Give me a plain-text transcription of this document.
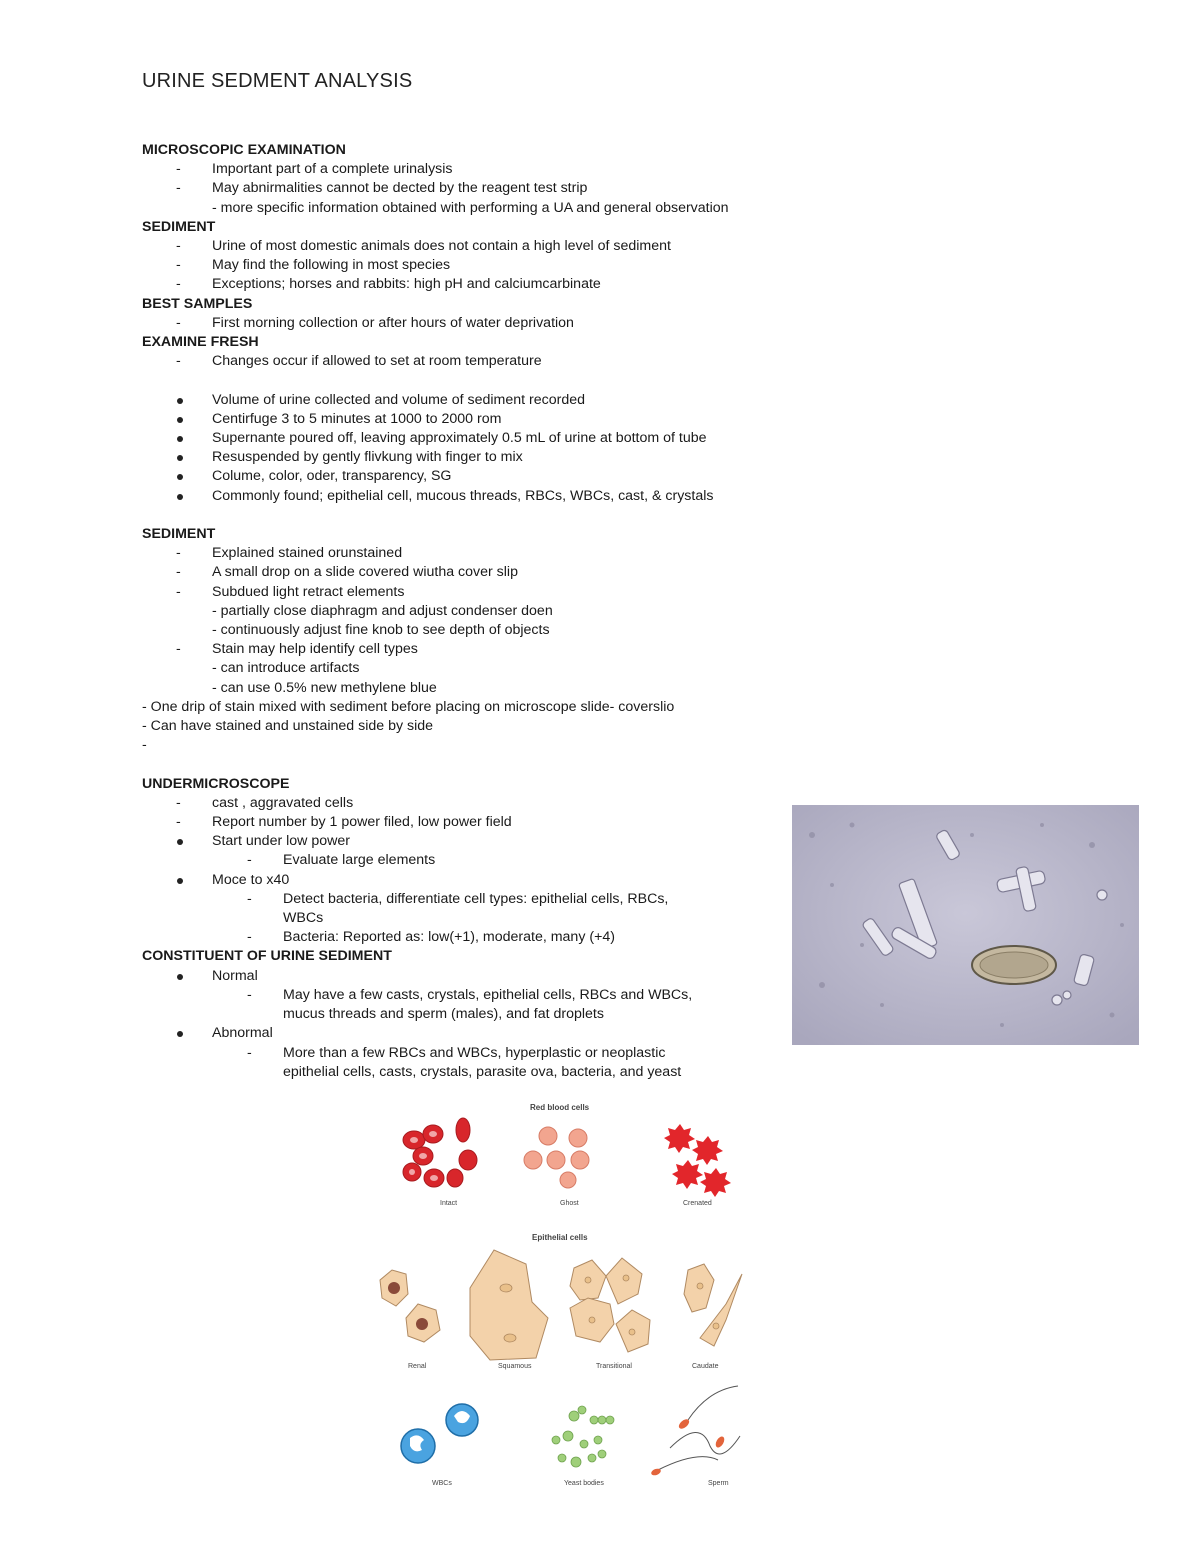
URINE SEDMENT ANALYSIS
MICROSCOPIC EXAMINATION
- Important part of a complete urinalysis
- May abnirmalities cannot be dected by the reagent test strip
- more specific information obtained with performing a UA and general observation
SEDIMENT
- Urine of most domestic animals does not contain a high level of sediment
- May find the following in most species
- Exceptions; horses and rabbits: high pH and calciumcarbinate
BEST SAMPLES
- First morning collection or after hours of water deprivation
EXAMINE FRESH
- Changes occur if allowed to set at room temperature
Volume of urine collected and volume of sediment recorded
Centirfuge 3 to 5 minutes at 1000 to 2000 rom
Supernante poured off, leaving approximately 0.5 mL of urine at bottom of tube
Resuspended by gently flivkung with finger to mix
Colume, color, oder, transparency, SG
Commonly found; epithelial cell, mucous threads, RBCs, WBCs, cast, & crystals
SEDIMENT
- Explained stained orunstained
- A small drop on a slide covered wiutha cover slip
- Subdued light retract elements
- partially close diaphragm and adjust condenser doen
- continuously adjust fine knob to see depth of objects
- Stain may help identify cell types
- can introduce artifacts
- can use 0.5% new methylene blue
- One drip of stain mixed with sediment before placing on microscope slide- coverslio
- Can have stained and unstained side by side
-
UNDERMICROSCOPE
- cast , aggravated cells
- Report number by 1 power filed, low power field
Start under low power
- Evaluate large elements
Moce to x40
- Detect bacteria, differentiate cell types: epithelial cells, RBCs,
WBCs
- Bacteria: Reported as: low(+1), moderate, many (+4)
CONSTITUENT OF URINE SEDIMENT
Normal
- May have a few casts, crystals, epithelial cells, RBCs and WBCs,
mucus threads and sperm (males), and fat droplets
Abnormal
- More than a few RBCs and WBCs, hyperplastic or neoplastic
epithelial cells, casts, crystals, parasite ova, bacteria, and yeast
Red blood cells
Intact	Ghost	Crenated
Epithelial cells
Renal	Squamous	Transitional	Caudate
WBCs	Yeast bodies	Sperm
